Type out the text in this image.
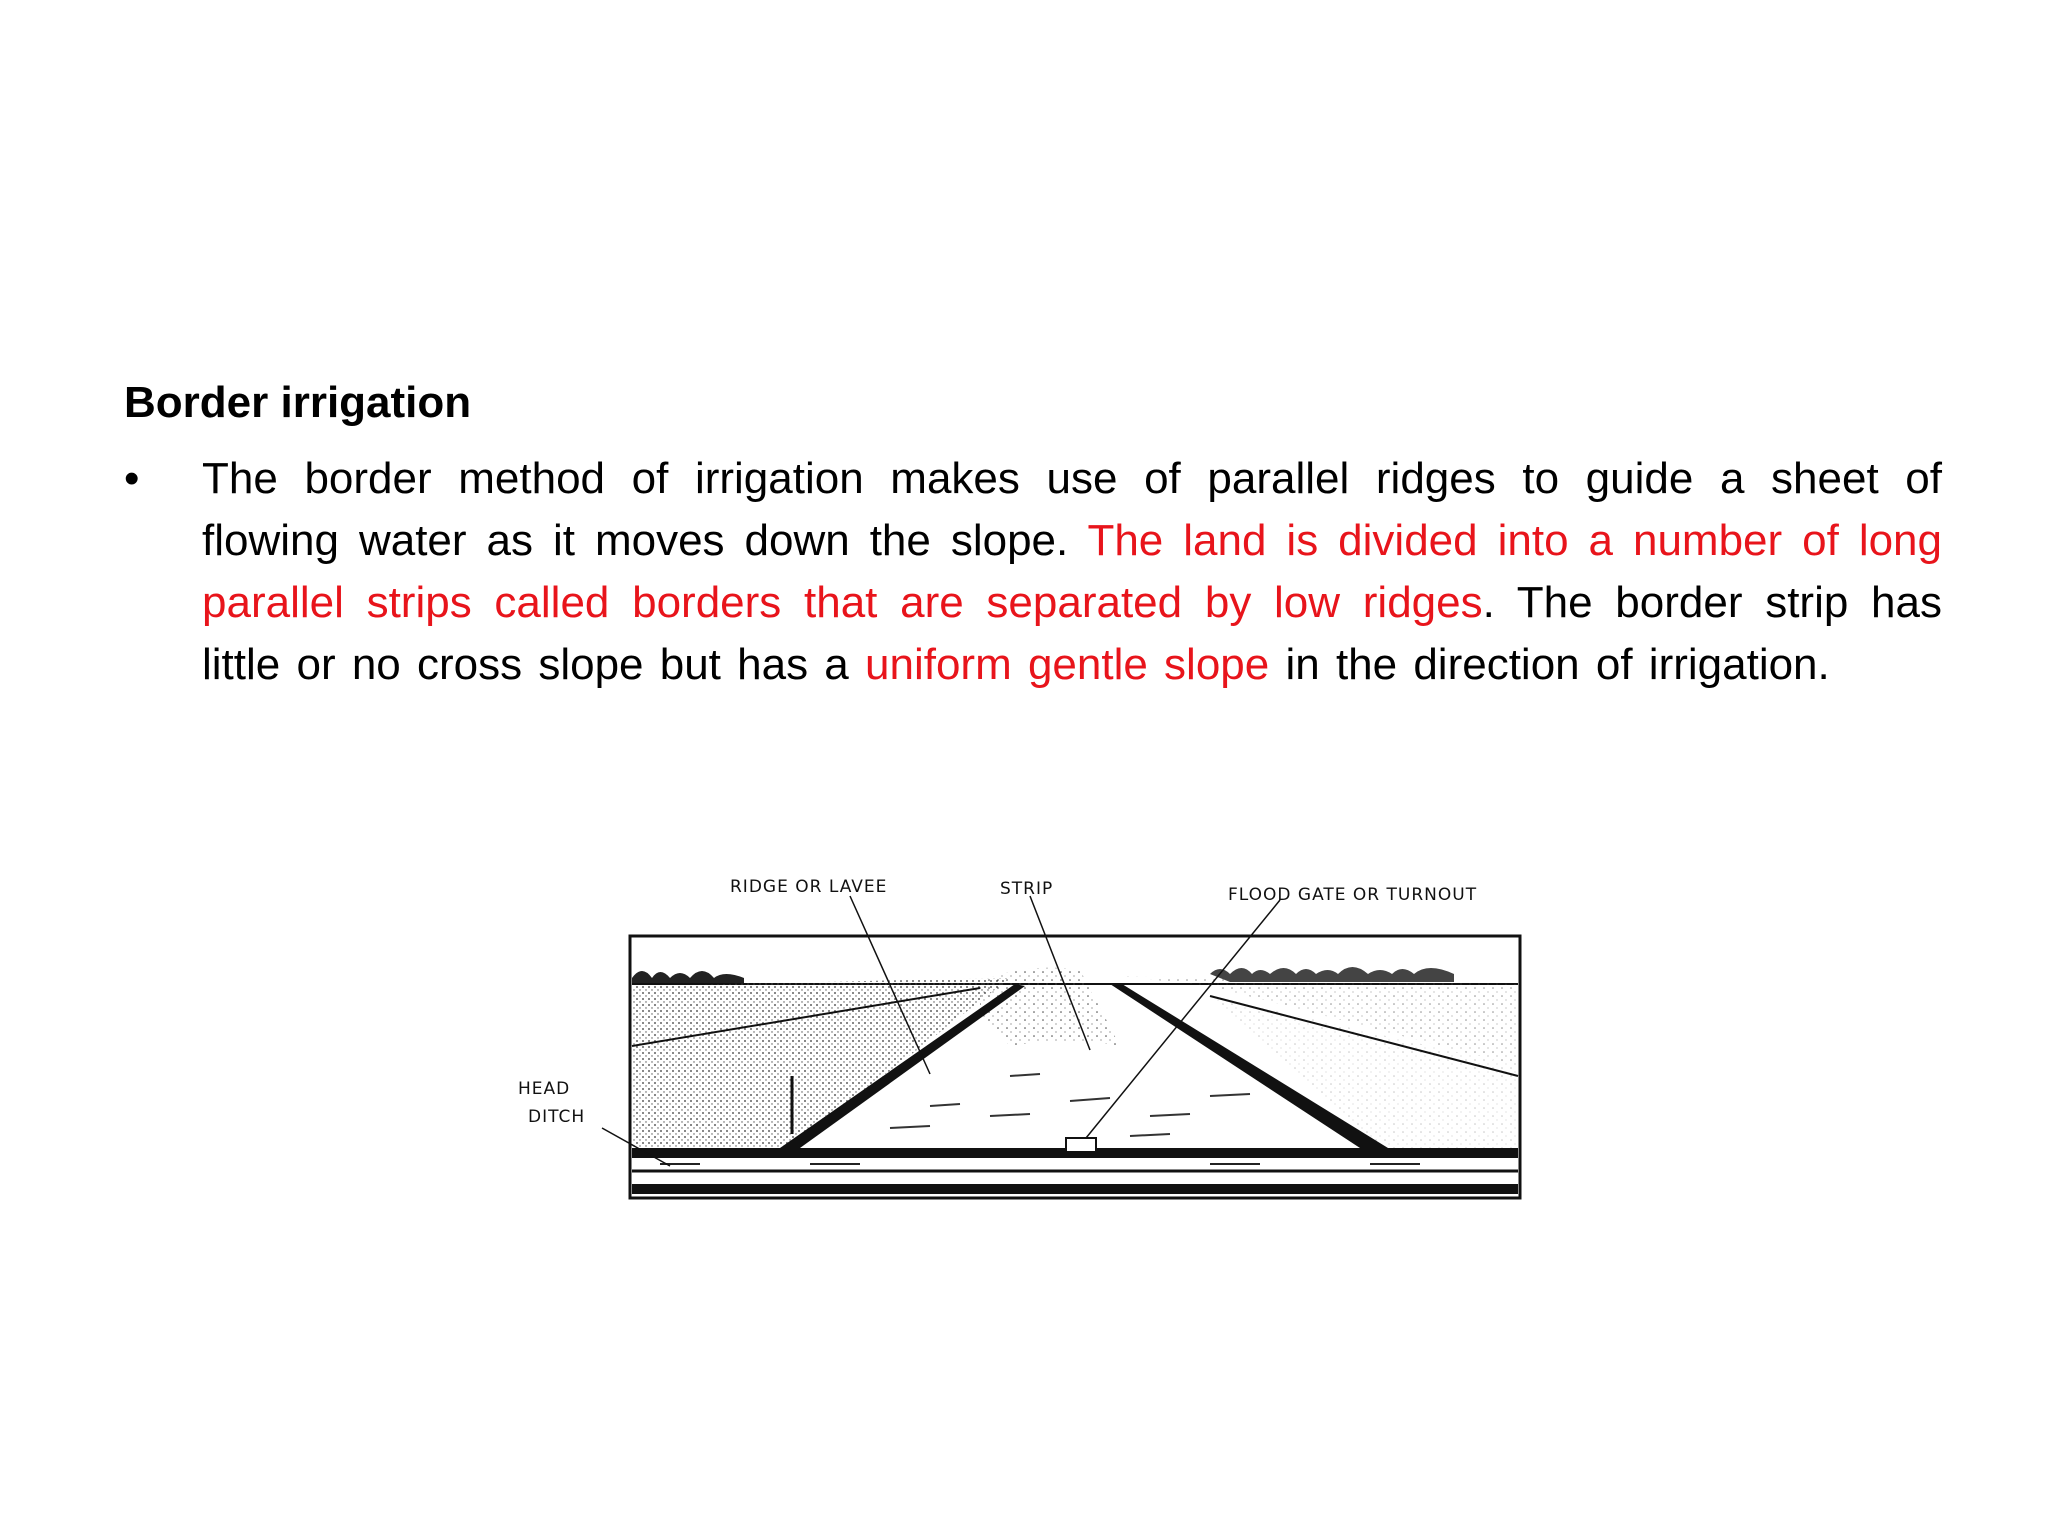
Border irrigation
• The border method of irrigation makes use of parallel ridges to guide a sheet of flowing water as it moves down the slope. The land is divided into a number of long parallel strips called borders that are separated by low ridges. The border strip has little or no cross slope but has a uniform gentle slope in the direction of irrigation.

RIDGE OR LAVEE	STRIP	FLOOD GATE OR TURNOUT
HEAD
DITCH
